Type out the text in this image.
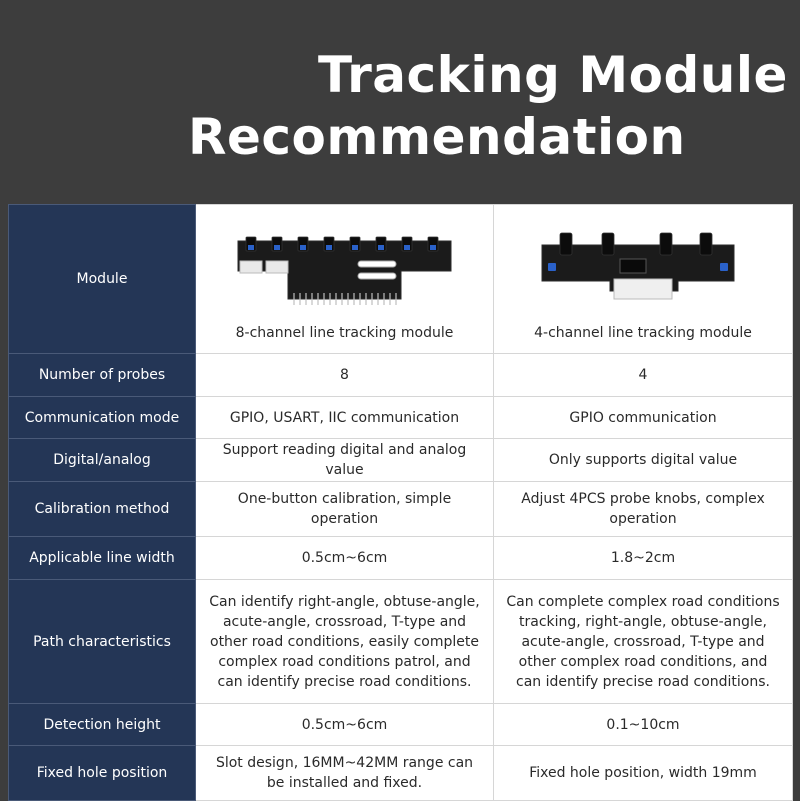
Tracking Module
Recommendation
Module	8-channel line tracking module	4-channel line tracking module

Number of probes	8	4
Communication mode	GPIO, USART, IIC communication	GPIO communication
Digital/analog	Support reading digital and analog value	Only supports digital value
Calibration method	One-button calibration, simple operation	Adjust 4PCS probe knobs, complex operation
Applicable line width	0.5cm~6cm	1.8~2cm
Path characteristics	Can identify right-angle, obtuse-angle, acute-angle, crossroad, T-type and other road conditions, easily complete complex road conditions patrol, and can identify precise road conditions.	Can complete complex road conditions tracking, right-angle, obtuse-angle, acute-angle, crossroad, T-type and other complex road conditions, and can identify precise road conditions.
Detection height	0.5cm~6cm	0.1~10cm
Fixed hole position	Slot design, 16MM~42MM range can be installed and fixed.	Fixed hole position, width 19mm
